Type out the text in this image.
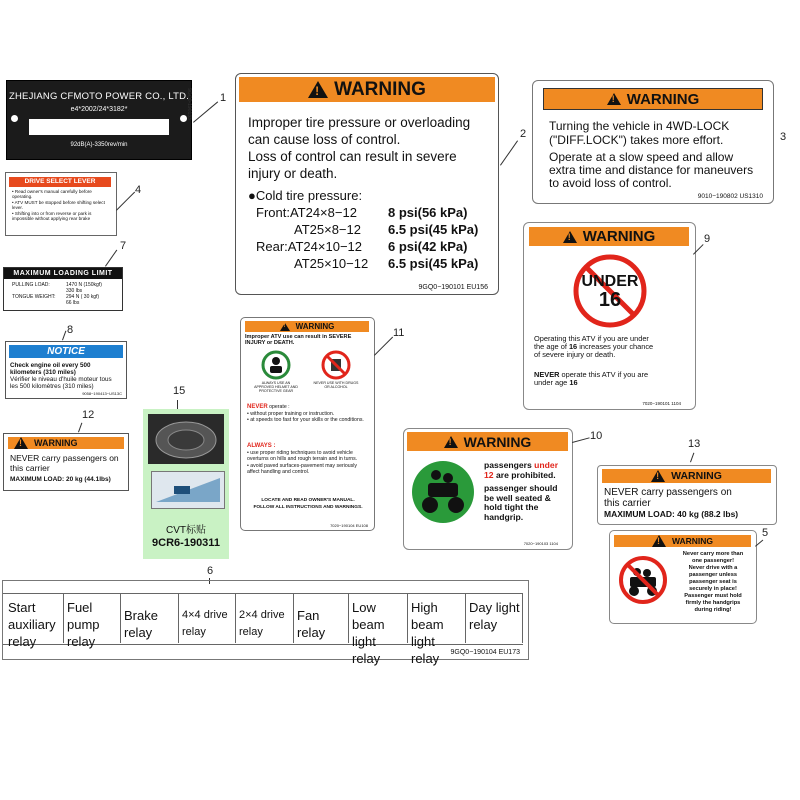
ZHEJIANG CFMOTO POWER CO., LTD.
e4*2002/24*3182*
92dB(A)-3350rev/min
9GQ0-190133	1
!	WARNING
Improper tire pressure or overloading
can cause loss of control.
Loss of control can result in severe
injury or death.
●Cold tire pressure:
Front:AT24×8−12 8 psi(56 kPa)
AT25×8−12 6.5 psi(45 kPa)
Rear:AT24×10−12 6 psi(42 kPa)
AT25×10−12 6.5 psi(45 kPa)
9GQ0−190101 EU156
2
!
WARNING
Turning the vehicle in 4WD-LOCK
("DIFF.LOCK") takes more effort.
Operate at a slow speed and allow
extra time and distance for maneuvers
to avoid loss of control.
9010−190802 US1310
3
DRIVE SELECT LEVER
• Read owner's manual carefully before operating.
• ATV MUST be stopped before shifting select lever.
• Shifting into or from reverse or park is impossible without applying rear brake
4
7
MAXIMUM LOADING LIMIT
PULLING LOAD:	1470 N (150kgf)
330 lbs
TONGUE WEIGHT: 294 N ( 30 kgf)
66 lbs
8
NOTICE
Check engine oil every 500
kilometers (310 miles)
Vérifier le niveau d'huile moteur tous
les 500 kilomètres (310 miles)
9058−190413−US13C
12
!
WARNING
NEVER carry passengers on
this carrier
MAXIMUM LOAD: 20 kg (44.1lbs)
!
WARNING
Improper ATV use can result in SEVERE
INJURY or DEATH.
ALWAYS USE AN APPROVED HELMET AND PROTECTIVE GEAR
NEVER USE WITH DRUGS OR ALCOHOL
NEVER operate :
• without proper training or instruction.
• at speeds too fast for your skills or the conditions.
ALWAYS :
• use proper riding techniques to avoid vehicle overturns on hills and rough terrain and in turns.
• avoid paved surfaces-pavement may seriously affect handling and control.
LOCATE AND READ OWNER'S MANUAL.
FOLLOW ALL INSTRUCTIONS AND WARNINGS.
7020−190104 EU108
11
15
CVT标贴
9CR6-190311
!
WARNING
UNDER
16
Operating this ATV if you are under
the age of 16 increases your chance
of severe injury or death.
NEVER operate this ATV if you are
under age 16
7020−190101 1104
9
!
WARNING
passengers under
12 are prohibited.
passenger should
be well seated &
hold tight the
handgrip.
7020−190103 1104
10
13
!
WARNING
NEVER carry passengers on
this carrier
MAXIMUM LOAD: 40 kg (88.2 lbs)
!
WARNING
Never carry more than
one passenger!
Never drive with a
passenger unless
passenger seat is
securely in place!
Passenger must hold
firmly the handgrips
during riding!
5
6
Start auxiliary
relay
Fuel pump
relay
Brake relay
4×4 drive relay
2×4 drive relay
Fan relay
Low beam
light relay
High beam
light relay
Day light
relay
9GQ0−190104 EU173
